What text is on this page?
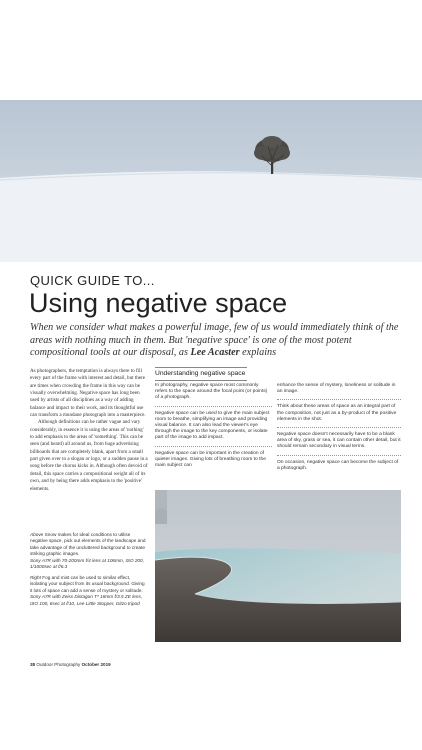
QUICK GUIDE TO...
Using negative space
When we consider what makes a powerful image, few of us would immediately think of the areas with nothing much in them. But 'negative space' is one of the most potent compositional tools at our disposal, as Lee Acaster explains

As photographers, the temptation is always there to fill every part of the frame with interest and detail, but there are times when crowding the frame in this way can be visually overwhelming. Negative space has long been used by artists of all disciplines as a way of adding balance and impact to their work, and its thoughtful use can transform a mundane photograph into a masterpiece.

Although definitions can be rather vague and vary considerably, in essence it is using the areas of 'nothing' to add emphasis to the areas of 'something'. This can be seen (and heard) all around us, from huge advertising billboards that are completely blank, apart from a small part given over to a slogan or logo, or a sudden pause in a song before the chorus kicks in. Although often devoid of detail, this space carries a compositional weight all of its own, and by being there adds emphasis to the 'positive' elements.

Above Snow makes for ideal conditions to utilise negative space, pick out elements of the landscape and take advantage of the uncluttered background to create striking graphic images.
Sony A7R with 70-200mm f/4 lens at 106mm, ISO 200, 1/1000sec at f/6.3

Right Fog and mist can be used to similar effect, isolating your subject from its usual background. Giving it lots of space can add a sense of mystery or solitude.
Sony A7R with Zeiss Distagon T* 18mm f/3.5 ZE lens, ISO 100, 6sec at f/10, Lee Little Stopper, Gitzo tripod

Understanding negative space

In photography, negative space most commonly refers to the space around the focal point (or points) of a photograph.

Negative space can be used to give the main subject room to breathe, simplifying an image and providing visual balance. It can also lead the viewer's eye through the image to the key components, or isolate part of the image to add impact.

Negative space can be important in the creation of quieter images. Giving lots of breathing room to the main subject can

enhance the sense of mystery, loneliness or solitude in an image.

Think about these areas of space as an integral part of the composition, not just as a by-product of the positive elements in the shot.

Negative space doesn't necessarily have to be a blank area of sky, grass or sea, it can contain other detail, but it should remain secondary in visual terms.

On occasion, negative space can become the subject of a photograph.

38 Outdoor Photography October 2019
